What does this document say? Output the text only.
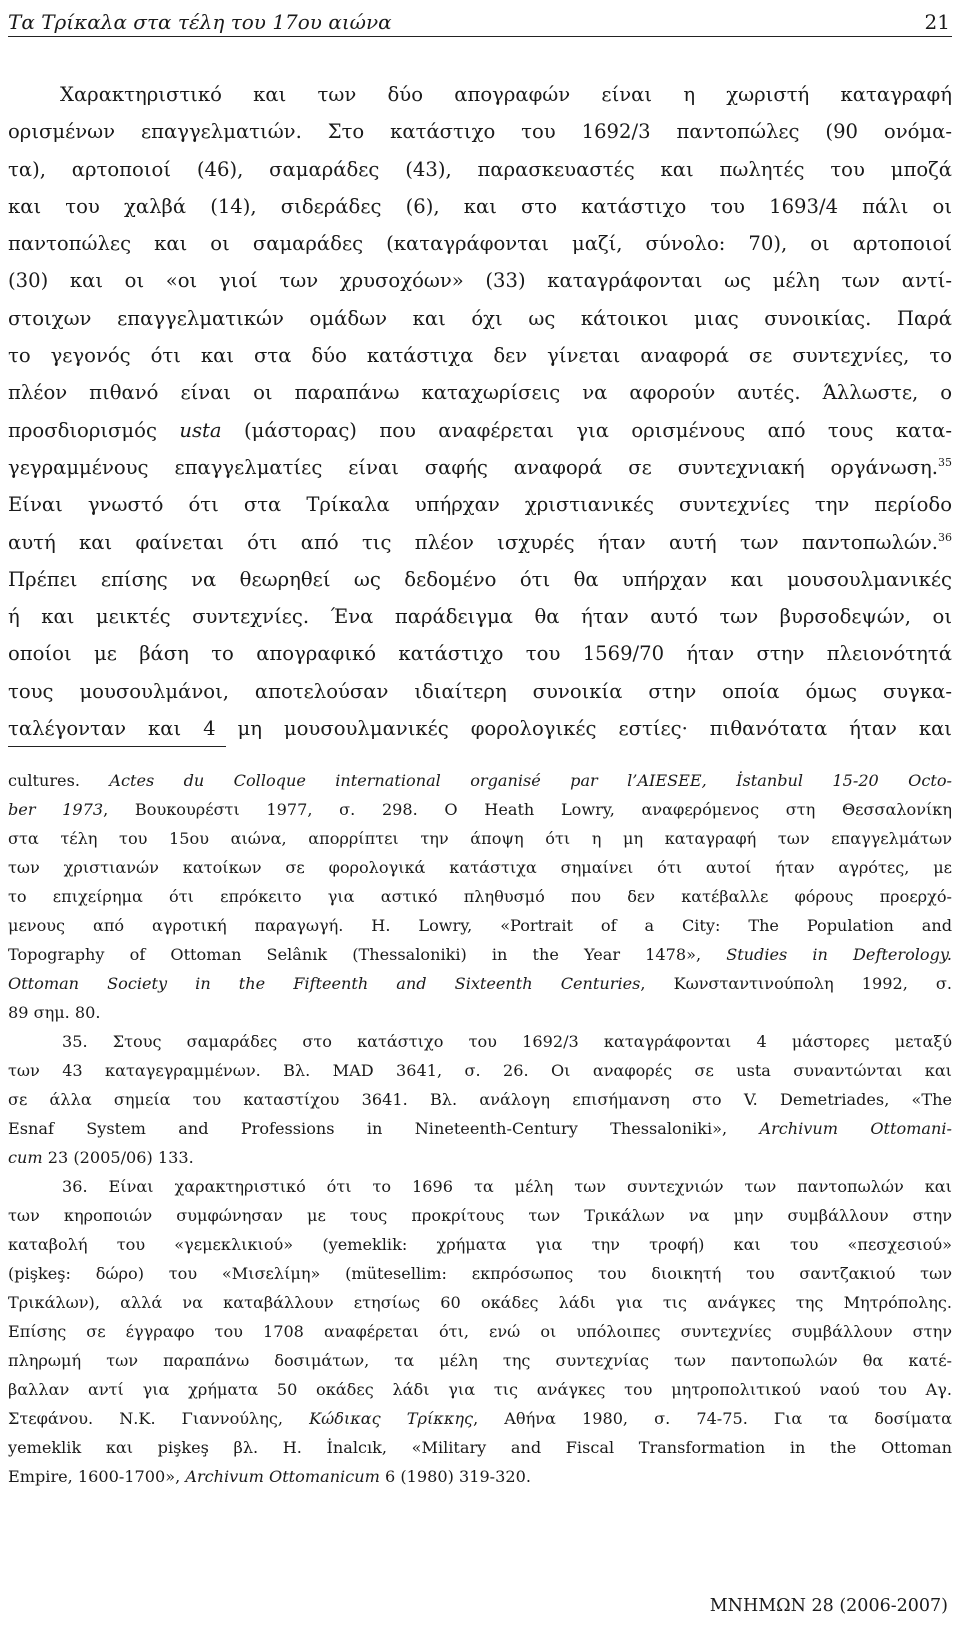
Τα Τρίκαλα στα τέλη του 17ου αιώνα	21
Χαρακτηριστικό και των δύο απογραφών είναι η χωριστή καταγραφή
ορισμένων επαγγελματιών. Στο κατάστιχο του 1692/3 παντοπώλες (90 ονόμα-
τα), αρτοποιοί (46), σαμαράδες (43), παρασκευαστές και πωλητές του μποζά
και του χαλβά (14), σιδεράδες (6), και στο κατάστιχο του 1693/4 πάλι οι
παντοπώλες και οι σαμαράδες (καταγράφονται μαζί, σύνολο: 70), οι αρτοποιοί
(30) και οι «οι γιοί των χρυσοχόων» (33) καταγράφονται ως μέλη των αντί-
στοιχων επαγγελματικών ομάδων και όχι ως κάτοικοι μιας συνοικίας. Παρά
το γεγονός ότι και στα δύο κατάστιχα δεν γίνεται αναφορά σε συντεχνίες, το
πλέον πιθανό είναι οι παραπάνω καταχωρίσεις να αφορούν αυτές. Άλλωστε, ο
προσδιορισμός usta (μάστορας) που αναφέρεται για ορισμένους από τους κατα-
γεγραμμένους επαγγελματίες είναι σαφής αναφορά σε συντεχνιακή οργάνωση.$^{35}$
Είναι γνωστό ότι στα Τρίκαλα υπήρχαν χριστιανικές συντεχνίες την περίοδο
αυτή και φαίνεται ότι από τις πλέον ισχυρές ήταν αυτή των παντοπωλών.$^{36}$
Πρέπει επίσης να θεωρηθεί ως δεδομένο ότι θα υπήρχαν και μουσουλμανικές
ή και μεικτές συντεχνίες. Ένα παράδειγμα θα ήταν αυτό των βυρσοδεψών, οι
οποίοι με βάση το απογραφικό κατάστιχο του 1569/70 ήταν στην πλειονότητά
τους μουσουλμάνοι, αποτελούσαν ιδιαίτερη συνοικία στην οποία όμως συγκα-
ταλέγονταν και 4 μη μουσουλμανικές φορολογικές εστίες· πιθανότατα ήταν και
cultures. Actes du Colloque international organisé par l’AIESEE, İstanbul 15-20 Octo-
ber 1973, Βουκουρέστι 1977, σ. 298. Ο Heath Lowry, αναφερόμενος στη Θεσσαλονίκη
στα τέλη του 15ου αιώνα, απορρίπτει την άποψη ότι η μη καταγραφή των επαγγελμάτων
των χριστιανών κατοίκων σε φορολογικά κατάστιχα σημαίνει ότι αυτοί ήταν αγρότες, με
το επιχείρημα ότι επρόκειτο για αστικό πληθυσμό που δεν κατέβαλλε φόρους προερχό-
μενους από αγροτική παραγωγή. H. Lowry, «Portrait of a City: The Population and
Topography of Ottoman Selânık (Thessaloniki) in the Year 1478», Studies in Defterology.
Ottoman Society in the Fifteenth and Sixteenth Centuries, Κωνσταντινούπολη 1992, σ.
89 σημ. 80.
35. Στους σαμαράδες στο κατάστιχο του 1692/3 καταγράφονται 4 μάστορες μεταξύ
των 43 καταγεγραμμένων. Βλ. MAD 3641, σ. 26. Οι αναφορές σε usta συναντώνται και
σε άλλα σημεία του καταστίχου 3641. Βλ. ανάλογη επισήμανση στο V. Demetriades, «The
Esnaf System and Professions in Nineteenth-Century Thessaloniki», Archivum Ottomani-
cum 23 (2005/06) 133.
36. Είναι χαρακτηριστικό ότι το 1696 τα μέλη των συντεχνιών των παντοπωλών και
των κηροποιών συμφώνησαν με τους προκρίτους των Τρικάλων να μην συμβάλλουν στην
καταβολή του «γεμεκλικιού» (yemeklik: χρήματα για την τροφή) και του «πεσχεσιού»
(pişkeş: δώρο) του «Μισελίμη» (mütesellim: εκπρόσωπος του διοικητή του σαντζακιού των
Τρικάλων), αλλά να καταβάλλουν ετησίως 60 οκάδες λάδι για τις ανάγκες της Μητρόπολης.
Επίσης σε έγγραφο του 1708 αναφέρεται ότι, ενώ οι υπόλοιπες συντεχνίες συμβάλλουν στην
πληρωμή των παραπάνω δοσιμάτων, τα μέλη της συντεχνίας των παντοπωλών θα κατέ-
βαλλαν αντί για χρήματα 50 οκάδες λάδι για τις ανάγκες του μητροπολιτικού ναού του Αγ.
Στεφάνου. Ν.Κ. Γιαννούλης, Κώδικας Τρίκκης, Αθήνα 1980, σ. 74-75. Για τα δοσίματα
yemeklik και pişkeş βλ. H. İnalcık, «Military and Fiscal Transformation in the Ottoman
Empire, 1600-1700», Archivum Ottomanicum 6 (1980) 319-320.
ΜΝΗΜΩΝ 28 (2006-2007)
